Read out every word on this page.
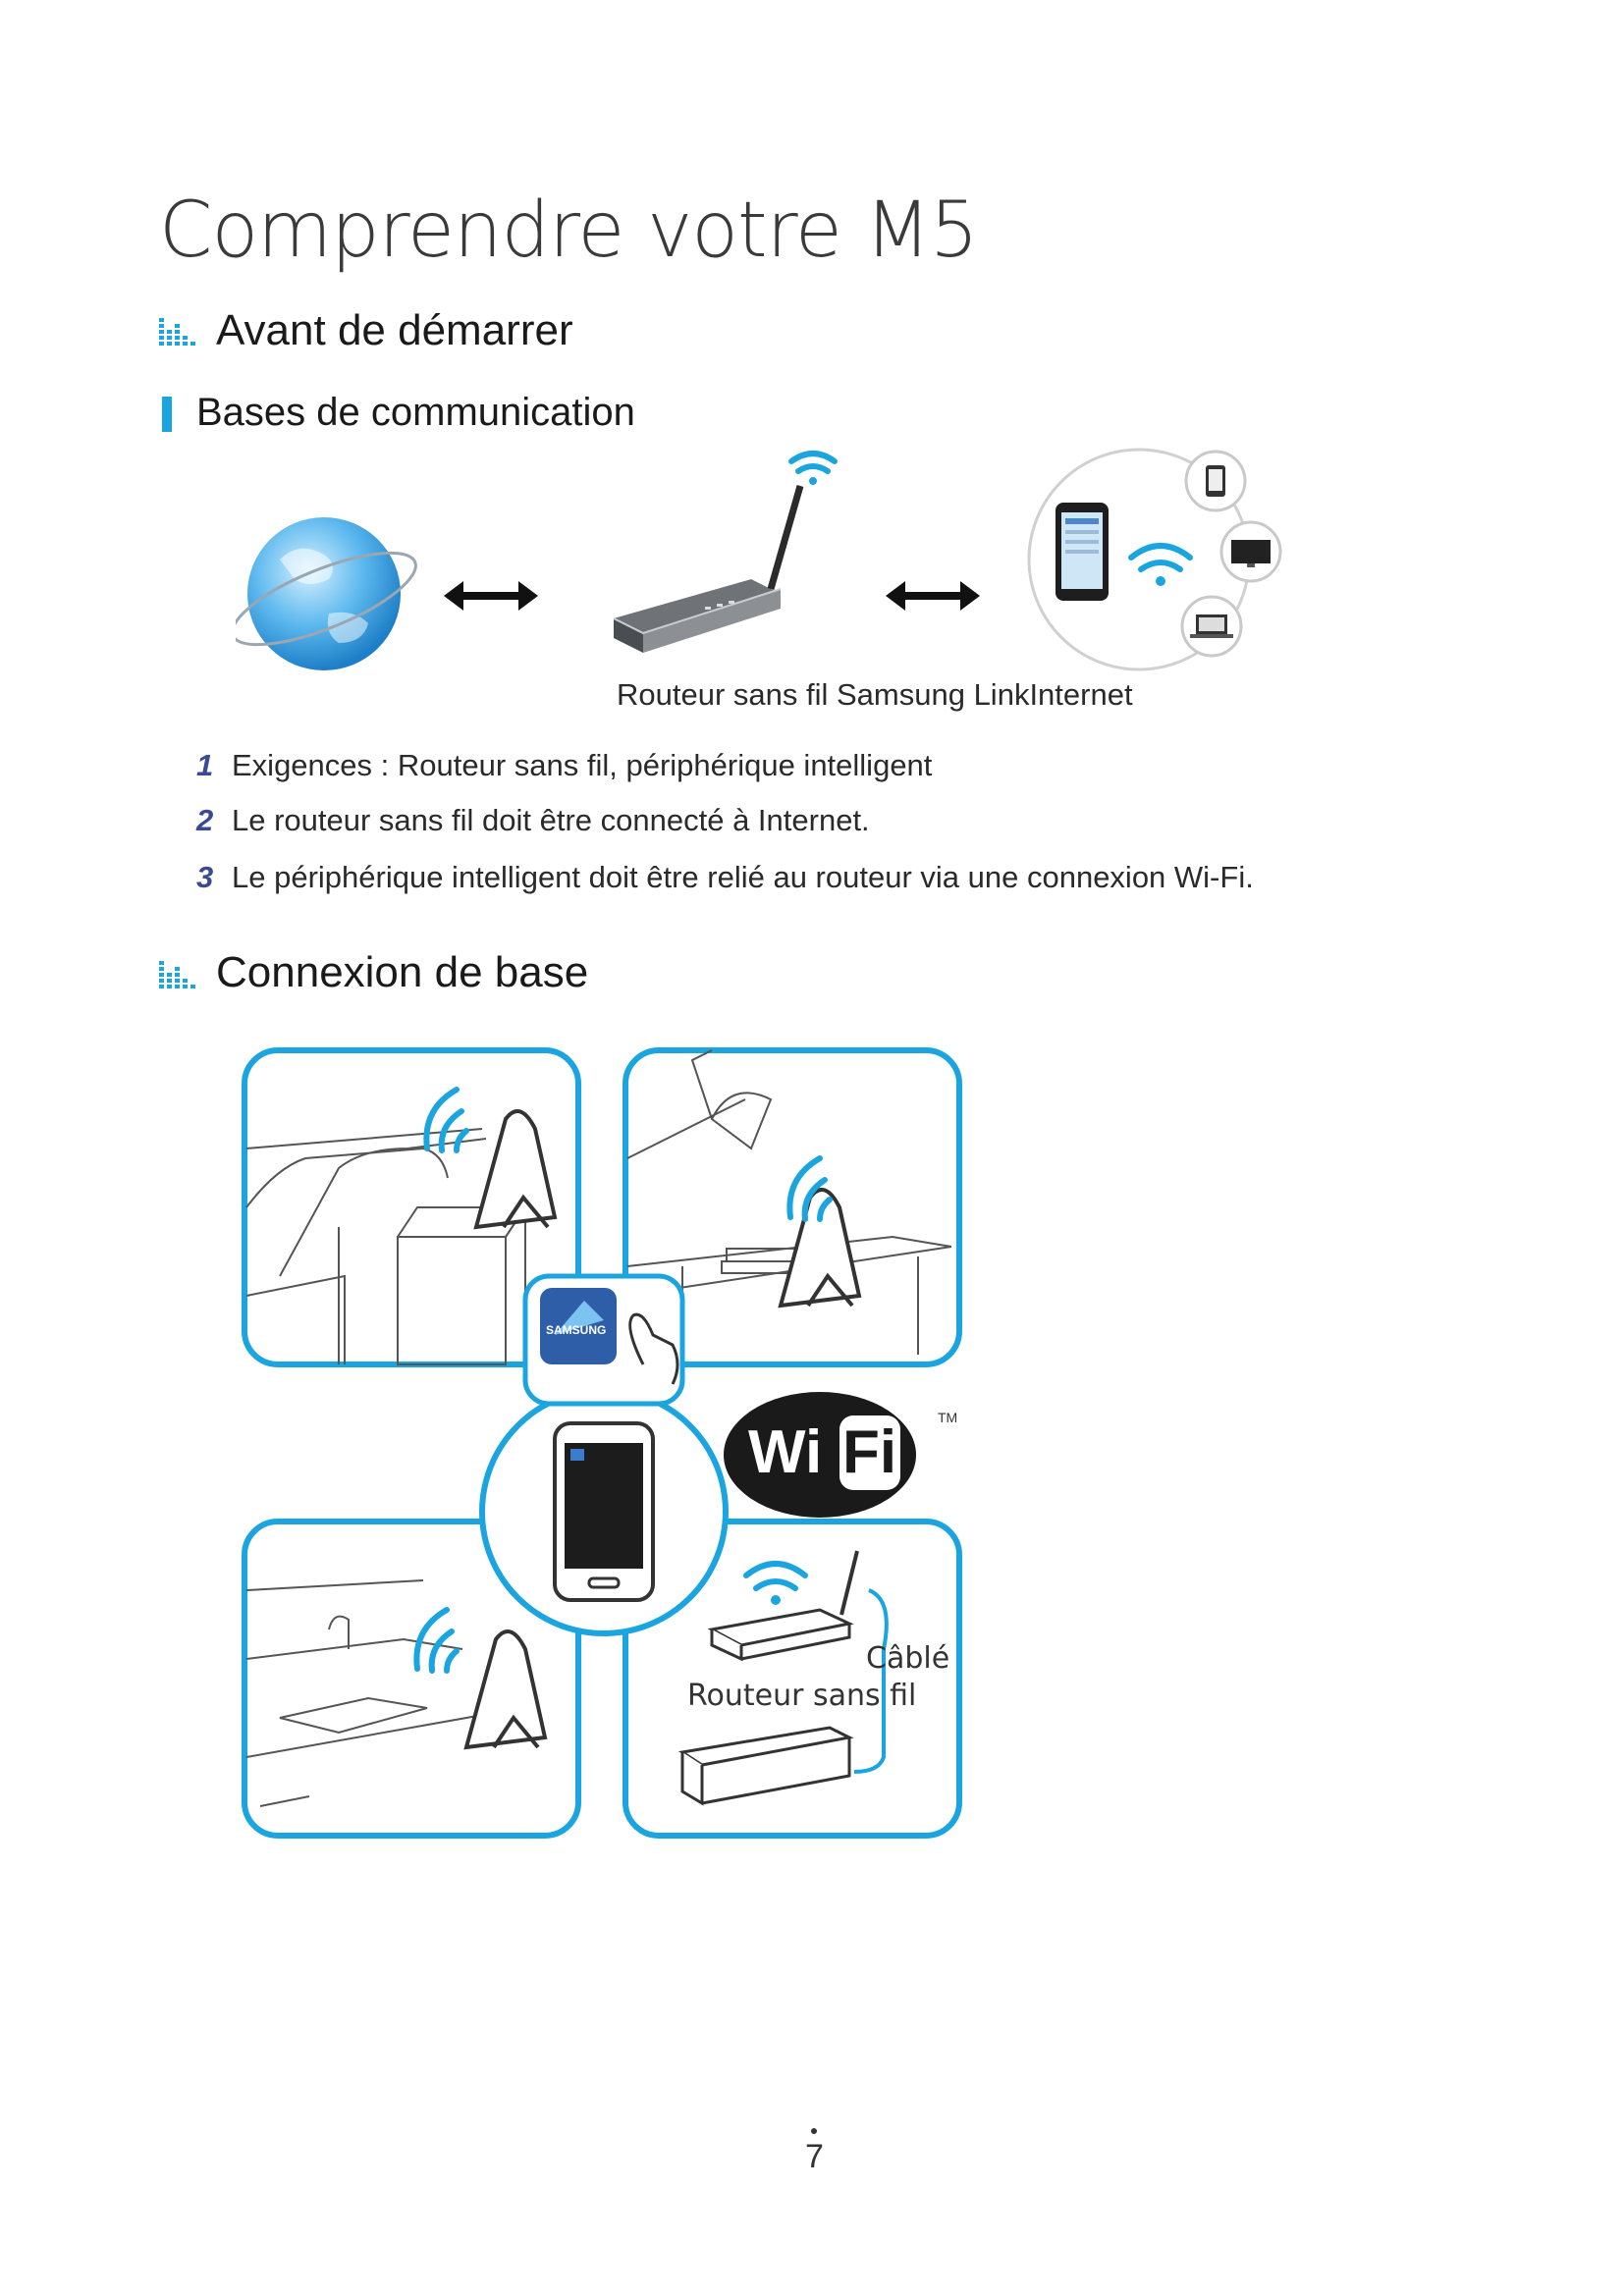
Comprendre votre M5
Avant de démarrer
Bases de communication
Routeur sans fil Samsung LinkInternet
1 Exigences : Routeur sans fil, périphérique intelligent
2 Le routeur sans fil doit être connecté à Internet.
3 Le périphérique intelligent doit être relié au routeur via une connexion Wi-Fi.
Connexion de base
SAMSUNG
Wi Fi
TM
Câblé
Routeur sans fil
7
